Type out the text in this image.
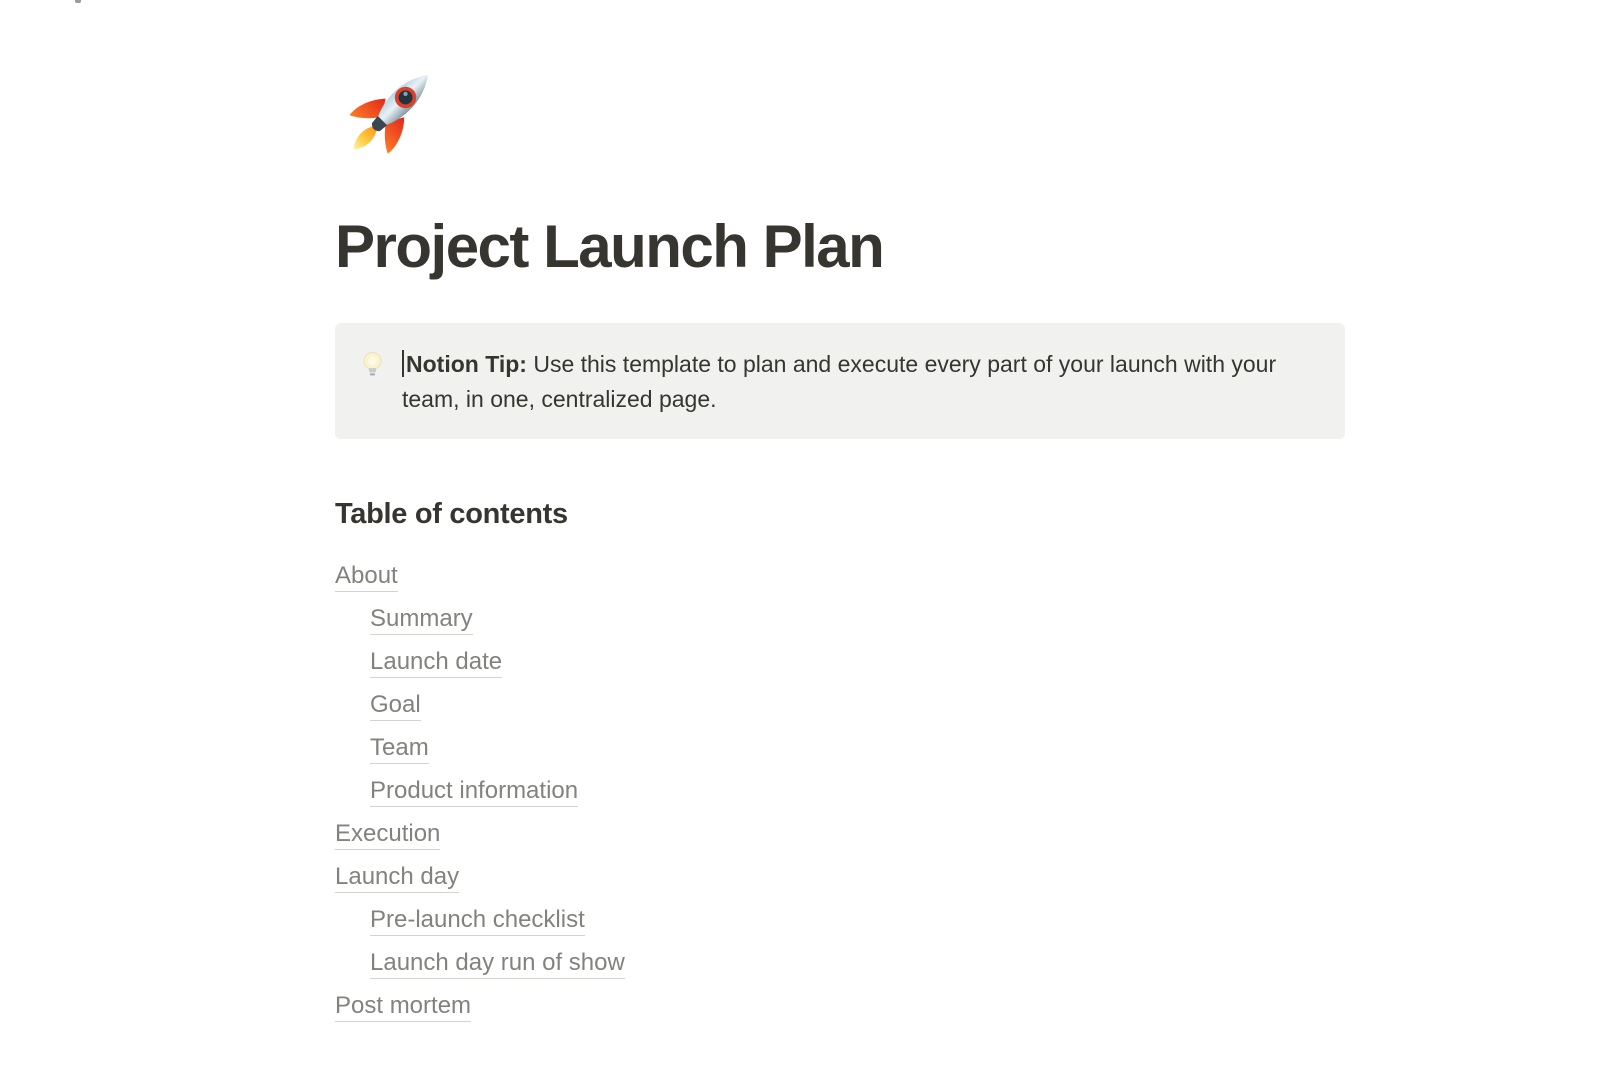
Project Launch Plan
Notion Tip: Use this template to plan and execute every part of your launch with your team, in one, centralized page.
Table of contents
About
Summary
Launch date
Goal
Team
Product information
Execution
Launch day
Pre-launch checklist
Launch day run of show
Post mortem
